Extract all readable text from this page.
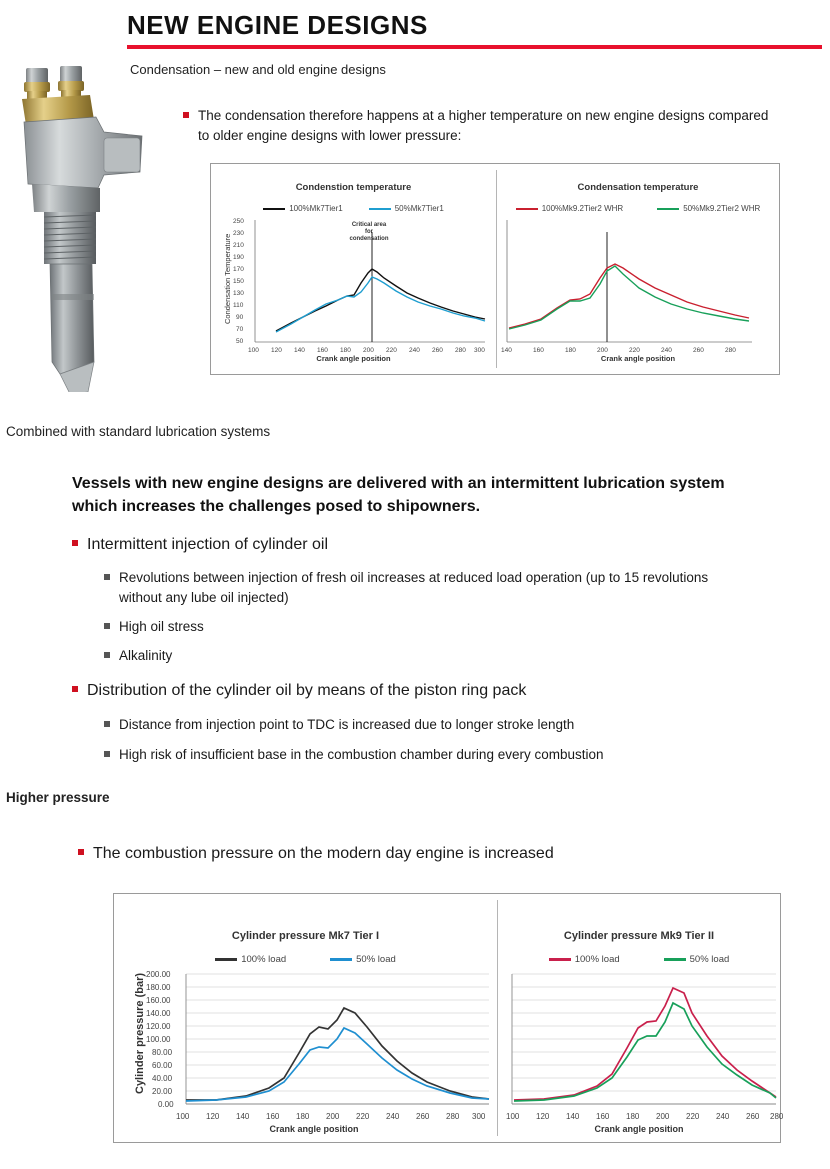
NEW ENGINE DESIGNS
Condensation – new and old engine designs
The condensation therefore happens at a higher temperature on new engine designs compared to older engine designs with lower pressure:
Condenstion temperature
100%Mk7Tier1	50%Mk7Tier1
Condensation Temperature
250
230
210
190
170
150
130
110
90
70
50
100 120 140 160 180 200 220 240 260 280 300
Critical area
for
condensation
Crank angle position
Condensation temperature
100%Mk9.2Tier2 WHR	50%Mk9.2Tier2 WHR
140	160	180	200	220	240	260	280
Crank angle position
Combined with standard lubrication systems
Vessels with new engine designs are delivered with an intermittent lubrication system which increases the challenges posed to shipowners.
Intermittent injection of cylinder oil
Revolutions between injection of fresh oil increases at reduced load operation (up to 15 revolutions without any lube oil injected)
High oil stress
Alkalinity
Distribution of the cylinder oil by means of the piston ring pack
Distance from injection point to TDC is increased due to longer stroke length
High risk of insufficient base in the combustion chamber during every combustion
Higher pressure
The combustion pressure on the modern day engine is increased
Cylinder pressure Mk7 Tier I
100% load	50% load
Cylinder pressure (bar) 200.00
180.00
160.00
140.00
120.00
100.00
80.00
60.00
40.00
20.00
0.00
100 120 140 160 180 200 220 240 260 280 300
Crank angle position
Cylinder pressure Mk9 Tier II
100% load	50% load
100 120 140 160 180 200 220 240 260 280
Crank angle position
